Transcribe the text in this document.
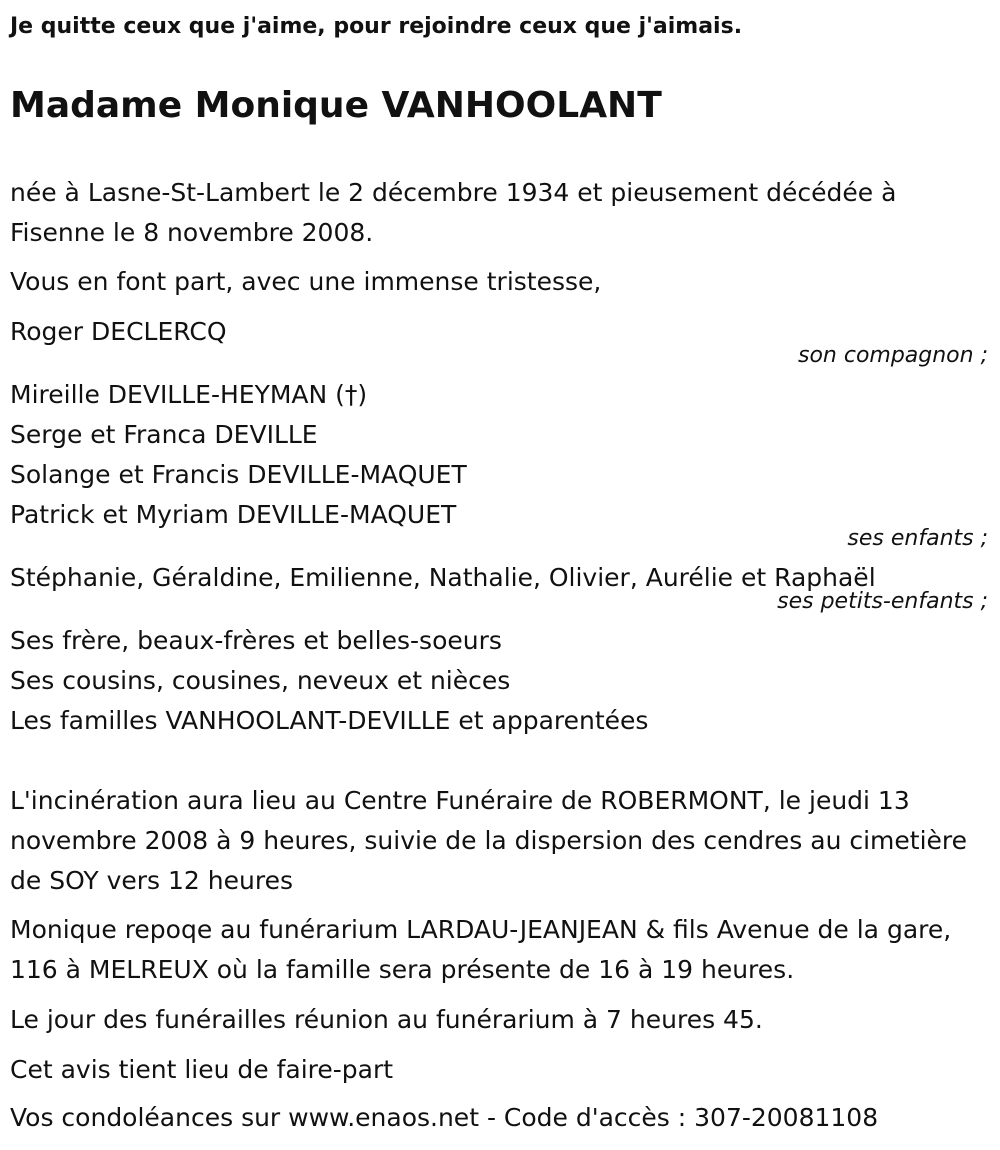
Je quitte ceux que j'aime, pour rejoindre ceux que j'aimais.
Madame Monique VANHOOLANT

née à Lasne-St-Lambert le 2 décembre 1934 et pieusement décédée à Fisenne le 8 novembre 2008.

Vous en font part, avec une immense tristesse,
Roger DECLERCQ
son compagnon ;
Mireille DEVILLE-HEYMAN (†)
Serge et Franca DEVILLE
Solange et Francis DEVILLE-MAQUET
Patrick et Myriam DEVILLE-MAQUET
ses enfants ;
Stéphanie, Géraldine, Emilienne, Nathalie, Olivier, Aurélie et Raphaël
ses petits-enfants ;
Ses frère, beaux-frères et belles-soeurs
Ses cousins, cousines, neveux et nièces
Les familles VANHOOLANT-DEVILLE et apparentées

L'incinération aura lieu au Centre Funéraire de ROBERMONT, le jeudi 13 novembre 2008 à 9 heures, suivie de la dispersion des cendres au cimetière de SOY vers 12 heures

Monique repoqe au funérarium LARDAU-JEANJEAN & fils Avenue de la gare, 116 à MELREUX où la famille sera présente de 16 à 19 heures.

Le jour des funérailles réunion au funérarium à 7 heures 45.
Cet avis tient lieu de faire-part
Vos condoléances sur www.enaos.net - Code d'accès : 307-20081108
